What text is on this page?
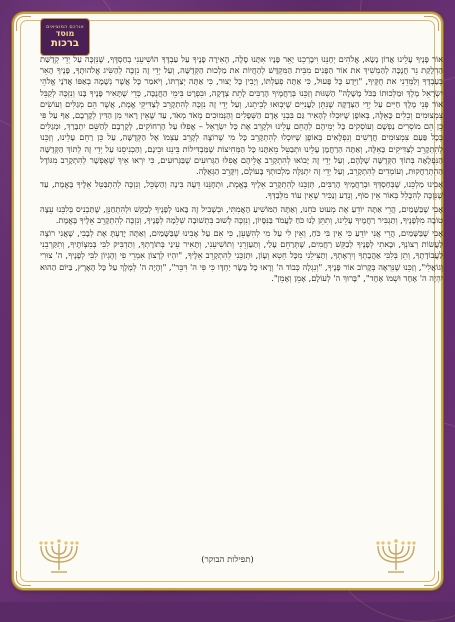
אורכם המוציאים
מוסד
ברכות

אוֹר פָּנֶיךָ עָלֵינוּ אֲדוֹן נָשָׂא, אֱלֹהִים יְחָנֵּנוּ וִיבָרְכֵנוּ יָאֵר פָּנָיו אִתָּנוּ סֶלָה, הֶאִירָה פָנֶיךָ עַל עַבְדֶּךָ הוֹשִׁיעֵנִי בְחַסְדֶּךָ, שֶׁנִּזְכֶּה עַל יְדֵי קְדֻשַּׁת הַדְלָקַת נֵר חֲנֻכָּה לְהַמְשִׁיךְ את אוֹר הַפָּנִים מִבֵּית הַמִּקְדָּשׁ לְהַחֲיוֹת את מַלְכוּת הַקְּדֻשָּׁה, וְעַל יְדֵי זֶה נִזְכֶּה לְהַשִּׂיג אֱלֹהוּתֶךָ, פָּנֶיךָ הָאֵר בְּעַבְדֶּךָ וְלַמְּדֵנִי את חֻקֶּיךָ, "וַיֵּדַע כָּל פָּעוּל, כִּי אַתָּה פְעַלְתּוֹ, וְיָבִין כָּל יָצוּר, כִּי אַתָּה יְצַרְתּוֹ, וְיֹאמַר כָּל אֲשֶׁר נְשָׁמָה בְאַפּוֹ אֲדֹנָי אֱלֹהֵי יִשְׂרָאֵל מֶלֶךְ וּמַלְכוּתוֹ בַּכֹּל מָשָׁלָה" הַשְׁגּוּת וְזַכֵּנוּ בְּרַחֲמֶיךָ הָרַבִּים לָתֵת צְדָקָה, וּבִפְרָט בִּימֵי הַחֲנֻכָּה, כְּדֵי שֶׁתָּאִיר פָּנֶיךָ בָּנוּ וְנִזְכֶּה לְקַבֵּל אוֹר פְּנֵי מֶלֶךְ חַיִּים עַל יְדֵי הַצְּדָקָה שֶׁנִּתֵּן לַעֲנִיִּים שֶׁיִּבְוּאוּ לְבֵיתֵנוּ, וְעַל יְדֵי זֶה נִזְכֶּה לְהִתְקָרֵב לְצַדִּיקֵי אֱמֶת, אֲשֶׁר הֵם מְגַלִּים וְעוֹשִׂים צִמְצוּמִים וְכֵלִים כָּאֵלֶּה, בְּאוֹפֶן שֶׁיּוּכְלוּ לְהָאִיר גַּם בִּבְנֵי אָדָם הַשְּׁפָלִים וְהַנְּמוּכִים מְאֹד מְאֹד, עַד שֶׁאֵין רָאוּי מִן הַדִּין לְקָרְבָם, אַף עַל פִּי כֵן הֵם מוֹסְרִים נַפְשָׁם וְעוֹסְקִים כָּל יְמֵיהֶם לְהָחֵם עָלֵינוּ וּלְקָרֵב אֶת כָּל יִשְׂרָאֵל – אֲפִלּוּ עַל הָרְחוֹקִים, לְקָרְבָם לְהַשֵּׁם יִתְבָּרַךְ, וּמְגַלִּים בְּכָל פַּעַם צִמְצוּמִים חֲדָשִׁים וְנִפְלָאִים בְּאוֹפֶן שֶׁיּוּכְלוּ לְהִתְקָרֵב כָּל מִי שֶׁרוֹצֶה לְקָרֵב עַצְמוֹ אֶל הַקְּדֻשָּׁה, עַל כֵּן רַחֵם עָלֵינוּ, וְזַכֵּנוּ לְהִתְקָרֵב לְצַדִּיקִים כָּאֵלֶּה, וְאַתָּה הַרַחֲמָן עָלֵינוּ וּתְבַטֵּל מֵאִתָּנוּ כָּל הַמְּחִיצוֹת שֶׁמַּבְדִּילוֹת בֵּינֵנוּ וּבֵינָם, וְהַכְנִיסֵנוּ עַל יְדֵי זֶה לְתוֹךְ הַקְּדֻשָּׁה הַנִּפְלָאָה בְּתוֹךְ הַקְּדֻשָּׁה שֶׁלָּהֶם, וְעַל יְדֵי זֶה יָבוֹאוּ לְהִתְקָרֵב אֲלֵיהֶם אֲפִלּוּ הַגְּרוּעִים שֶׁבַּגְּרוּעִים, כִּי יִרְאוּ אֵיךְ שֶׁאֶפְשָׁר לְהִתְקָרֵב מִגּוֹדֶל הַהִתְרַחֲקוּת, וְעוֹמְדִים לְהִתְקָרֵב, וְעַל יְדֵי זֶה יִתְגַּלֶּה מַלְכוּתְךָ בָּעוֹלָם, וְיִקָּרֵב הַגְּאֻלָּה.

אָבִינוּ מַלְכֵּנוּ, שֶׁבְּחַסְדְּךָ וּבְרַחֲמֶיךָ הָרַבִּים, תְּזַכֵּנוּ לְהִתְקָרֵב אֵלֶיךָ בֶּאֱמֶת, וּתְחָנֵּנוּ דֵּעָה בִּינָה וְהַשְׂכֵּל, וְנִזְכֶּה לְהִתְבַּטֵּל אֵלֶיךָ בֶּאֱמֶת, עַד שֶׁנִּזְכֶּה לְהִכָּלֵל בְּאוֹר אֵין סוֹף, וְנֵדַע וְנַכִּיר שֶׁאֵין עוֹד מִלְּבַדְּךָ.

אָבִי שֶׁבַּשָּׁמַיִם, הֲרֵי אַתָּה יוֹדֵעַ אֶת מְעוּט כֹּחֵנוּ, וְאַתָּה הַמּוֹשִׁיעַ הָאֲמִתִּי, וּבְשָׁבִיל זֶה בָּאנוּ לְפָנֶיךָ לְבַקֵּשׁ וּלְהִתְחַנֵּן, שֶׁתַּכְנִיס בְּלִבֵּנוּ עֵצָה טוֹבָה מִלְּפָנֶיךָ, וְתַגְבִּיר רַחֲמֶיךָ עָלֵינוּ, וְתִתֵּן לָנוּ כֹּחַ לַעֲמֹד בַּנִּסָּיוֹן, וְנִזְכֶּה לְשׁוּב בִּתְשׁוּבָה שְׁלֵמָה לְפָנֶיךָ, וְנִזְכֶּה לְהִתְקָרֵב אֵלֶיךָ בֶּאֱמֶת.

אָבִי שֶׁבַּשָּׁמַיִם, הֲרֵי אֲנִי יוֹדֵעַ כִּי אֵין בִּי כֹּחַ, וְאֵין לִי עַל מִי לְהִשָּׁעֵן, כִּי אִם עַל אָבִינוּ שֶׁבַּשָּׁמַיִם, וְאַתָּה יָדַעְתָּ אֶת לְבָבִי, שֶׁאֲנִי רוֹצֶה לַעֲשׂוֹת רְצוֹנְךָ, וּבָאתִי לְפָנֶיךָ לְבַקֵּשׁ רַחֲמִים, שֶׁתְּרַחֵם עָלַי, וְתַעַזְרֵנִי וְתוֹשִׁיעֵנִי, וְתָאִיר עֵינַי בְּתוֹרָתְךָ, וְתַדְבִּיק לִבִּי בְּמִצְוֹתֶיךָ, וְתִקַּרְבֵנִי לַעֲבוֹדָתֶךָ, וְתֵן בְּלִבִּי אַהֲבָתְךָ וְיִרְאָתְךָ, וְתַצִּילֵנִי מִכָּל חֵטְא וְעָוֹן, וּתְזַכֵּנִי לְהִתְקָרֵב אֵלֶיךָ, "יִהְיוּ לְרָצוֹן אִמְרֵי פִי וְהֶגְיוֹן לִבִּי לְפָנֶיךָ, ה' צוּרִי וְגוֹאֲלִי", וְזַכֵּנוּ שֶׁנִּרְאֶה בְּקָרוֹב אוֹר פָּנֶיךָ, "וְנִגְלָה כְּבוֹד ה' וְרָאוּ כָל בָּשָׂר יַחְדָּו כִּי פִּי ה' דִּבֵּר", "וְהָיָה ה' לְמֶלֶךְ עַל כָּל הָאָרֶץ, בַּיּוֹם הַהוּא יִהְיֶה ה' אֶחָד וּשְׁמוֹ אֶחָד", "בָּרוּךְ ה' לְעוֹלָם, אָמֵן וְאָמֵן".

(תפילות הבוקר)
